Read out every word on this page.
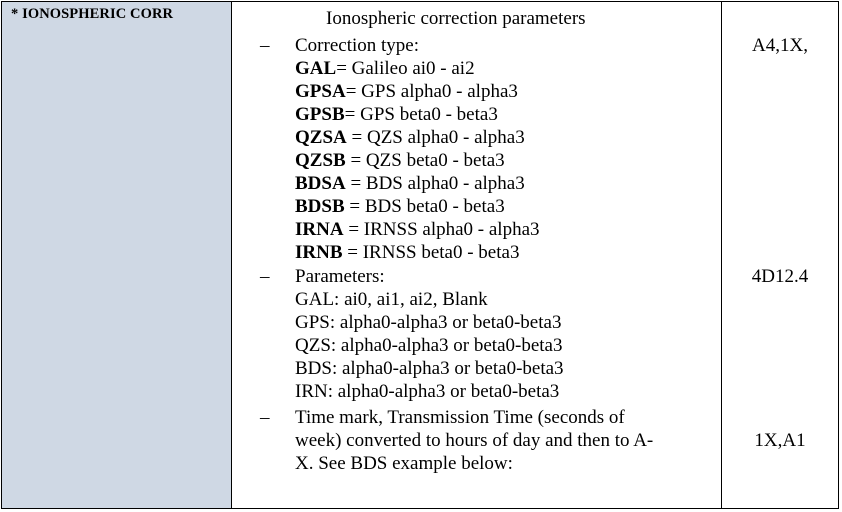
* IONOSPHERIC CORR	Ionospheric correction parameters
– Correction type:
GAL= Galileo ai0 - ai2
GPSA= GPS alpha0 - alpha3
GPSB= GPS beta0 - beta3
QZSA = QZS alpha0 - alpha3
QZSB = QZS beta0 - beta3
BDSA = BDS alpha0 - alpha3
BDSB = BDS beta0 - beta3
IRNA = IRNSS alpha0 - alpha3
IRNB = IRNSS beta0 - beta3
– Parameters:
GAL: ai0, ai1, ai2, Blank
GPS: alpha0-alpha3 or beta0-beta3
QZS: alpha0-alpha3 or beta0-beta3
BDS: alpha0-alpha3 or beta0-beta3
IRN: alpha0-alpha3 or beta0-beta3
– Time mark, Transmission Time (seconds of
week) converted to hours of day and then to A-
X. See BDS example below:
A4,1X,
4D12.4
1X,A1
